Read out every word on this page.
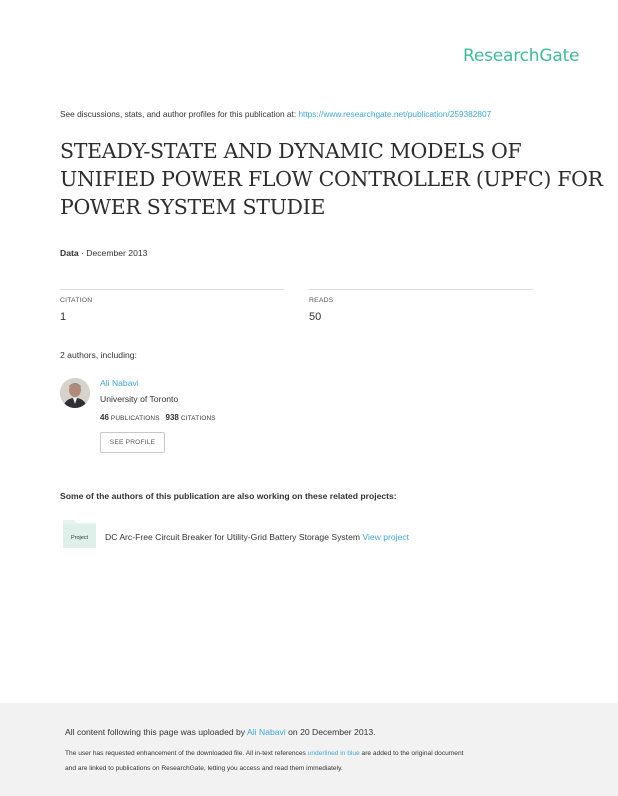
ResearchGate
See discussions, stats, and author profiles for this publication at: https://www.researchgate.net/publication/259382807
STEADY-STATE AND DYNAMIC MODELS OF
UNIFIED POWER FLOW CONTROLLER (UPFC) FOR
POWER SYSTEM STUDIE
Data · December 2013
CITATION	READS
1	50
2 authors, including:
Ali Nabavi
University of Toronto
46 PUBLICATIONS 938 CITATIONS
SEE PROFILE
Some of the authors of this publication are also working on these related projects:
Project DC Arc-Free Circuit Breaker for Utility-Grid Battery Storage System View project
All content following this page was uploaded by Ali Nabavi on 20 December 2013.
The user has requested enhancement of the downloaded file. All in-text references underlined in blue are added to the original document
and are linked to publications on ResearchGate, letting you access and read them immediately.
